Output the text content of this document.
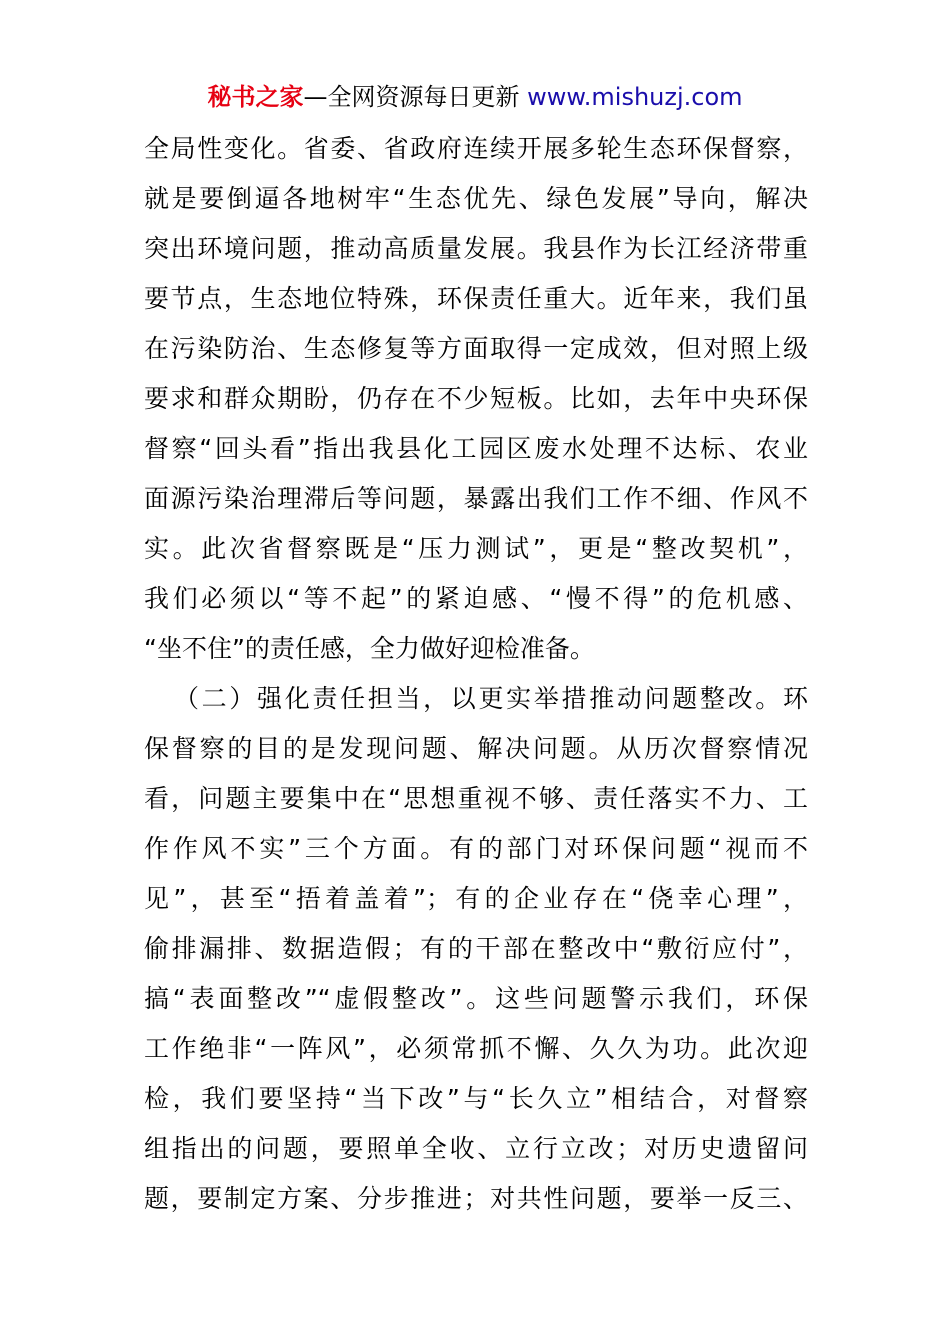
秘书之家—全网资源每日更新 www.mishuzj.com
全局性变化。省委、省政府连续开展多轮生态环保督察，
就是要倒逼各地树牢“生态优先、绿色发展”导向，解决
突出环境问题，推动高质量发展。我县作为长江经济带重
要节点，生态地位特殊，环保责任重大。近年来，我们虽
在污染防治、生态修复等方面取得一定成效，但对照上级
要求和群众期盼，仍存在不少短板。比如，去年中央环保
督察“回头看”指出我县化工园区废水处理不达标、农业
面源污染治理滞后等问题，暴露出我们工作不细、作风不
实。此次省督察既是“压力测试”，更是“整改契机”，
我们必须以“等不起”的紧迫感、“慢不得”的危机感、
“坐不住”的责任感，全力做好迎检准备。
（二）强化责任担当，以更实举措推动问题整改。环
保督察的目的是发现问题、解决问题。从历次督察情况
看，问题主要集中在“思想重视不够、责任落实不力、工
作作风不实”三个方面。有的部门对环保问题“视而不
见”，甚至“捂着盖着”；有的企业存在“侥幸心理”，
偷排漏排、数据造假；有的干部在整改中“敷衍应付”，
搞“表面整改”“虚假整改”。这些问题警示我们，环保
工作绝非“一阵风”，必须常抓不懈、久久为功。此次迎
检，我们要坚持“当下改”与“长久立”相结合，对督察
组指出的问题，要照单全收、立行立改；对历史遗留问
题，要制定方案、分步推进；对共性问题，要举一反三、
